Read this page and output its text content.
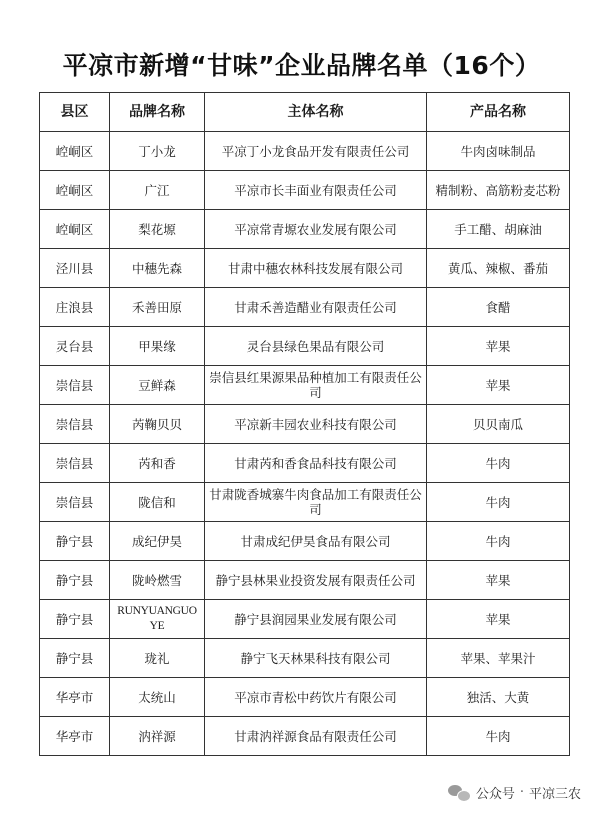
平凉市新增“甘味”企业品牌名单（16个）
县区	品牌名称	主体名称	产品名称
崆峒区	丁小龙	平凉丁小龙食品开发有限责任公司	牛肉卤味制品
崆峒区	广江	平凉市长丰面业有限责任公司	精制粉、高筋粉麦芯粉
崆峒区	梨花塬	平凉常青塬农业发展有限公司	手工醋、胡麻油
泾川县	中穗先森	甘肃中穗农林科技发展有限公司	黄瓜、辣椒、番茄
庄浪县	禾善田原	甘肃禾善造醋业有限责任公司	食醋
灵台县	甲果缘	灵台县绿色果品有限公司	苹果
崇信县	豆鲜森	崇信县红果源果品种植加工有限责任公司	苹果
崇信县	芮鞠贝贝	平凉新丰园农业科技有限公司	贝贝南瓜
崇信县	芮和香	甘肃芮和香食品科技有限公司	牛肉
崇信县	陇信和	甘肃陇香城寨牛肉食品加工有限责任公司	牛肉
静宁县	成纪伊昊	甘肃成纪伊昊食品有限公司	牛肉
静宁县	陇岭燃雪	静宁县林果业投资发展有限责任公司	苹果
静宁县	RUNYUANGUOYE	静宁县润园果业发展有限公司	苹果
静宁县	珑礼	静宁飞天林果科技有限公司	苹果、苹果汁
华亭市	太统山	平凉市青松中药饮片有限公司	独活、大黄
华亭市	汭祥源	甘肃汭祥源食品有限责任公司	牛肉
公众号 · 平凉三农
